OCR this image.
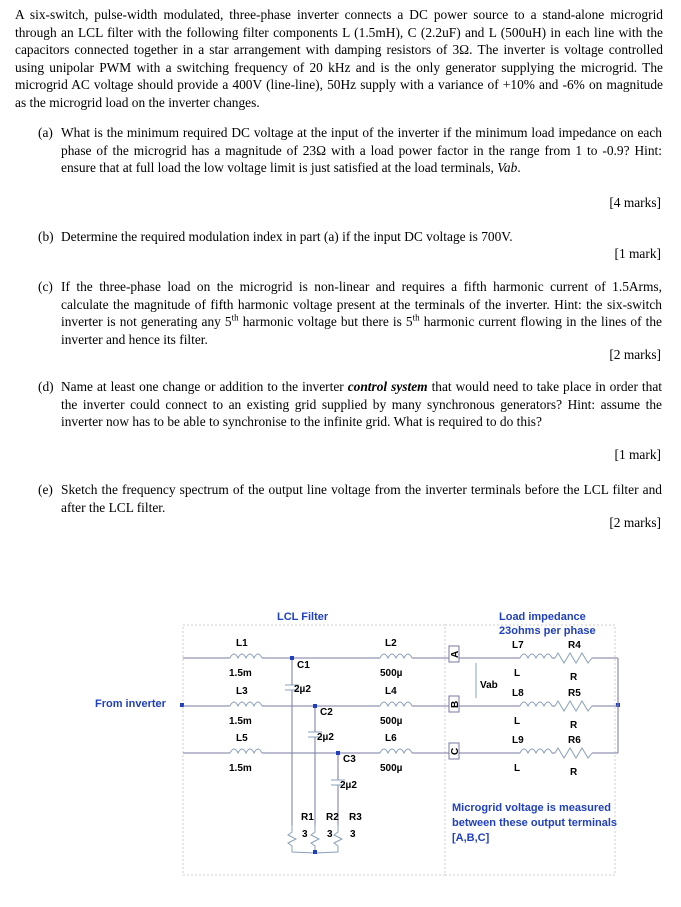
A six-switch, pulse-width modulated, three-phase inverter connects a DC power source to a stand-alone microgrid through an LCL filter with the following filter components L (1.5mH), C (2.2uF) and L (500uH) in each line with the capacitors connected together in a star arrangement with damping resistors of 3Ω. The inverter is voltage controlled using unipolar PWM with a switching frequency of 20 kHz and is the only generator supplying the microgrid. The microgrid AC voltage should provide a 400V (line-line), 50Hz supply with a variance of +10% and -6% on magnitude as the microgrid load on the inverter changes.
(a) What is the minimum required DC voltage at the input of the inverter if the minimum load impedance on each phase of the microgrid has a magnitude of 23Ω with a load power factor in the range from 1 to -0.9? Hint: ensure that at full load the low voltage limit is just satisfied at the load terminals, Vab.
[4 marks]
(b) Determine the required modulation index in part (a) if the input DC voltage is 700V.
[1 mark]
(c) If the three-phase load on the microgrid is non-linear and requires a fifth harmonic current of 1.5Arms, calculate the magnitude of fifth harmonic voltage present at the terminals of the inverter. Hint: the six-switch inverter is not generating any 5th harmonic voltage but there is 5th harmonic current flowing in the lines of the inverter and hence its filter.
[2 marks]
(d) Name at least one change or addition to the inverter control system that would need to take place in order that the inverter could connect to an existing grid supplied by many synchronous generators? Hint: assume the inverter now has to be able to synchronise to the infinite grid. What is required to do this?
[1 mark]
(e) Sketch the frequency spectrum of the output line voltage from the inverter terminals before the LCL filter and after the LCL filter.
[2 marks]
LCL Filter	Load impedance
23ohms per phase
From inverter
A
B
C
Vab
L1
1.5m
L3
1.5m
L5
1.5m
L2
500µ
L4
500µ
L6
500µ
C1
2µ2
C2
2µ2
C3
2µ2
R1 R2 R3
3 3 3
L7
L
L8
L
L9
L
R4
R
R5
R
R6
R
Microgrid voltage is measured
between these output terminals
[A,B,C]
